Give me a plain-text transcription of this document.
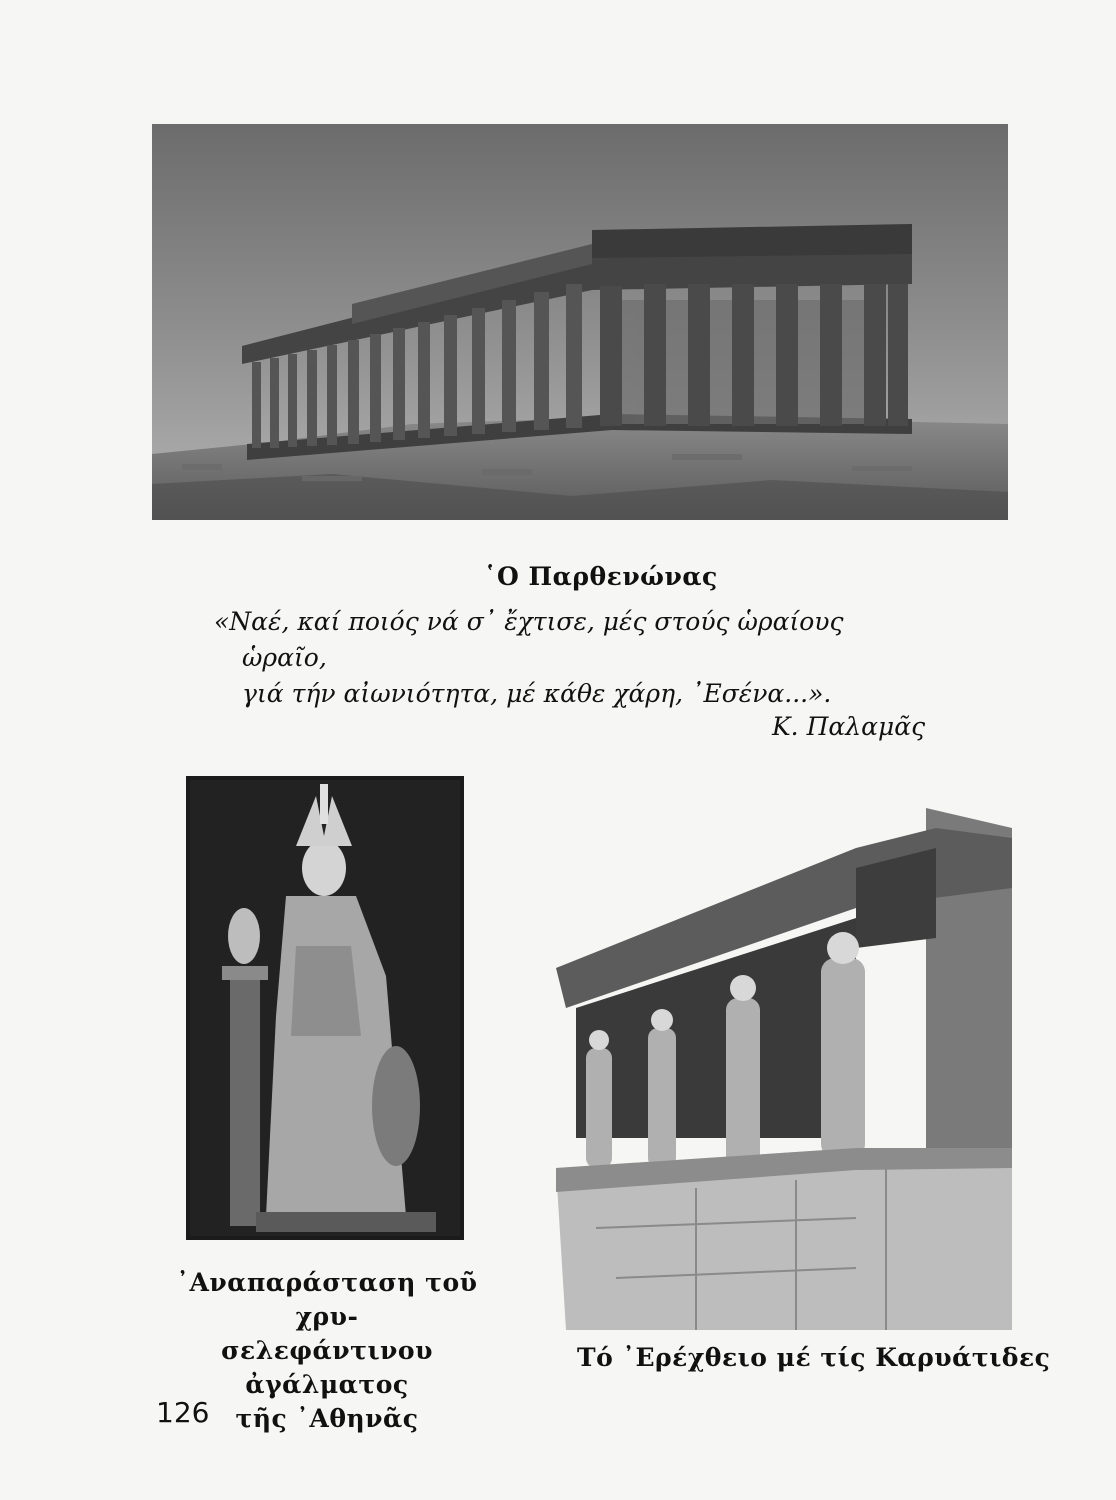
῾Ο Παρθενώνας
«Ναέ, καί ποιός νά σ᾿ ἔχτισε, μές στούς ὡραίους
ὡραῖο,
γιά τήν αἰωνιότητα, μέ κάθε χάρη, ᾿Εσένα...».
Κ. Παλαμᾶς
᾿Αναπαράσταση τοῦ χρυ-
σελεφάντινου ἀγάλματος
τῆς ᾿Αθηνᾶς
Τό ᾿Ερέχθειο μέ τίς Καρυάτιδες
126
